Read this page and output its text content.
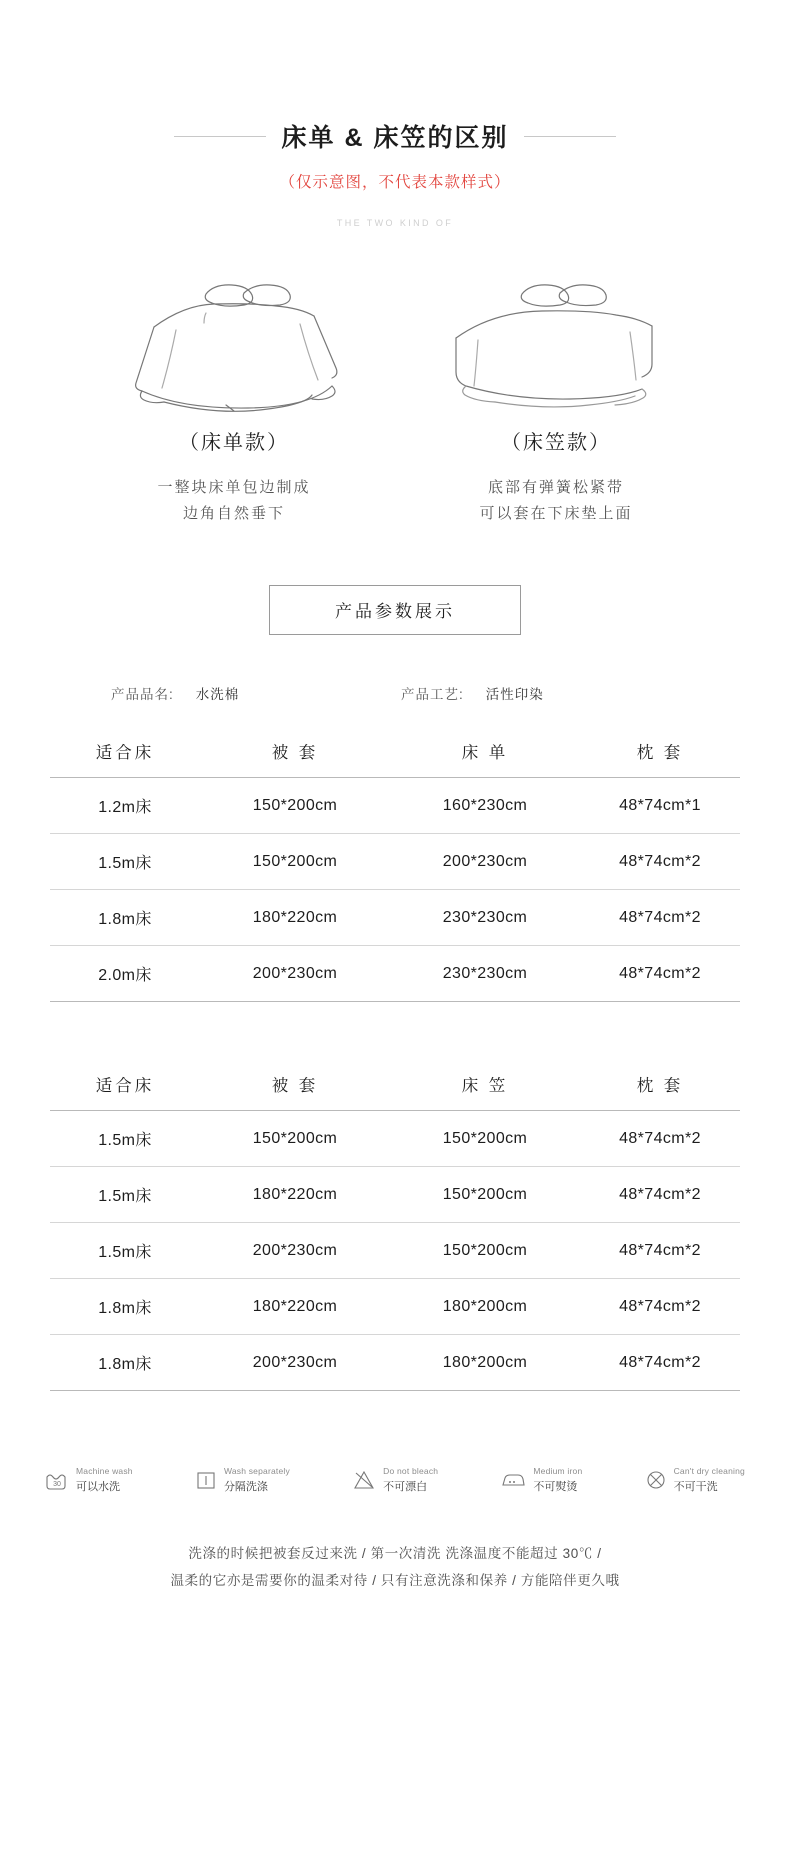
床单 & 床笠的区别
（仅示意图，不代表本款样式）
THE TWO KIND OF
（床单款）
一整块床单包边制成
边角自然垂下
（床笠款）
底部有弹簧松紧带
可以套在下床垫上面
产品参数展示
产品品名: 水洗棉	产品工艺: 活性印染
适合床	被 套	床 单	枕 套
1.2m床	150*200cm	160*230cm	48*74cm*1
1.5m床	150*200cm	200*230cm	48*74cm*2
1.8m床	180*220cm	230*230cm	48*74cm*2
2.0m床	200*230cm	230*230cm	48*74cm*2
适合床	被 套	床 笠	枕 套
1.5m床	150*200cm	150*200cm	48*74cm*2
1.5m床	180*220cm	150*200cm	48*74cm*2
1.5m床	200*230cm	150*200cm	48*74cm*2
1.8m床	180*220cm	180*200cm	48*74cm*2
1.8m床	200*230cm	180*200cm	48*74cm*2
30
Machine wash
可以水洗
Wash separately
分隔洗涤
Do not bleach
不可漂白
Medium iron
不可熨烫
Can't dry cleaning
不可干洗
洗涤的时候把被套反过来洗 / 第一次清洗 洗涤温度不能超过 30℃ /
温柔的它亦是需要你的温柔对待 / 只有注意洗涤和保养 / 方能陪伴更久哦
